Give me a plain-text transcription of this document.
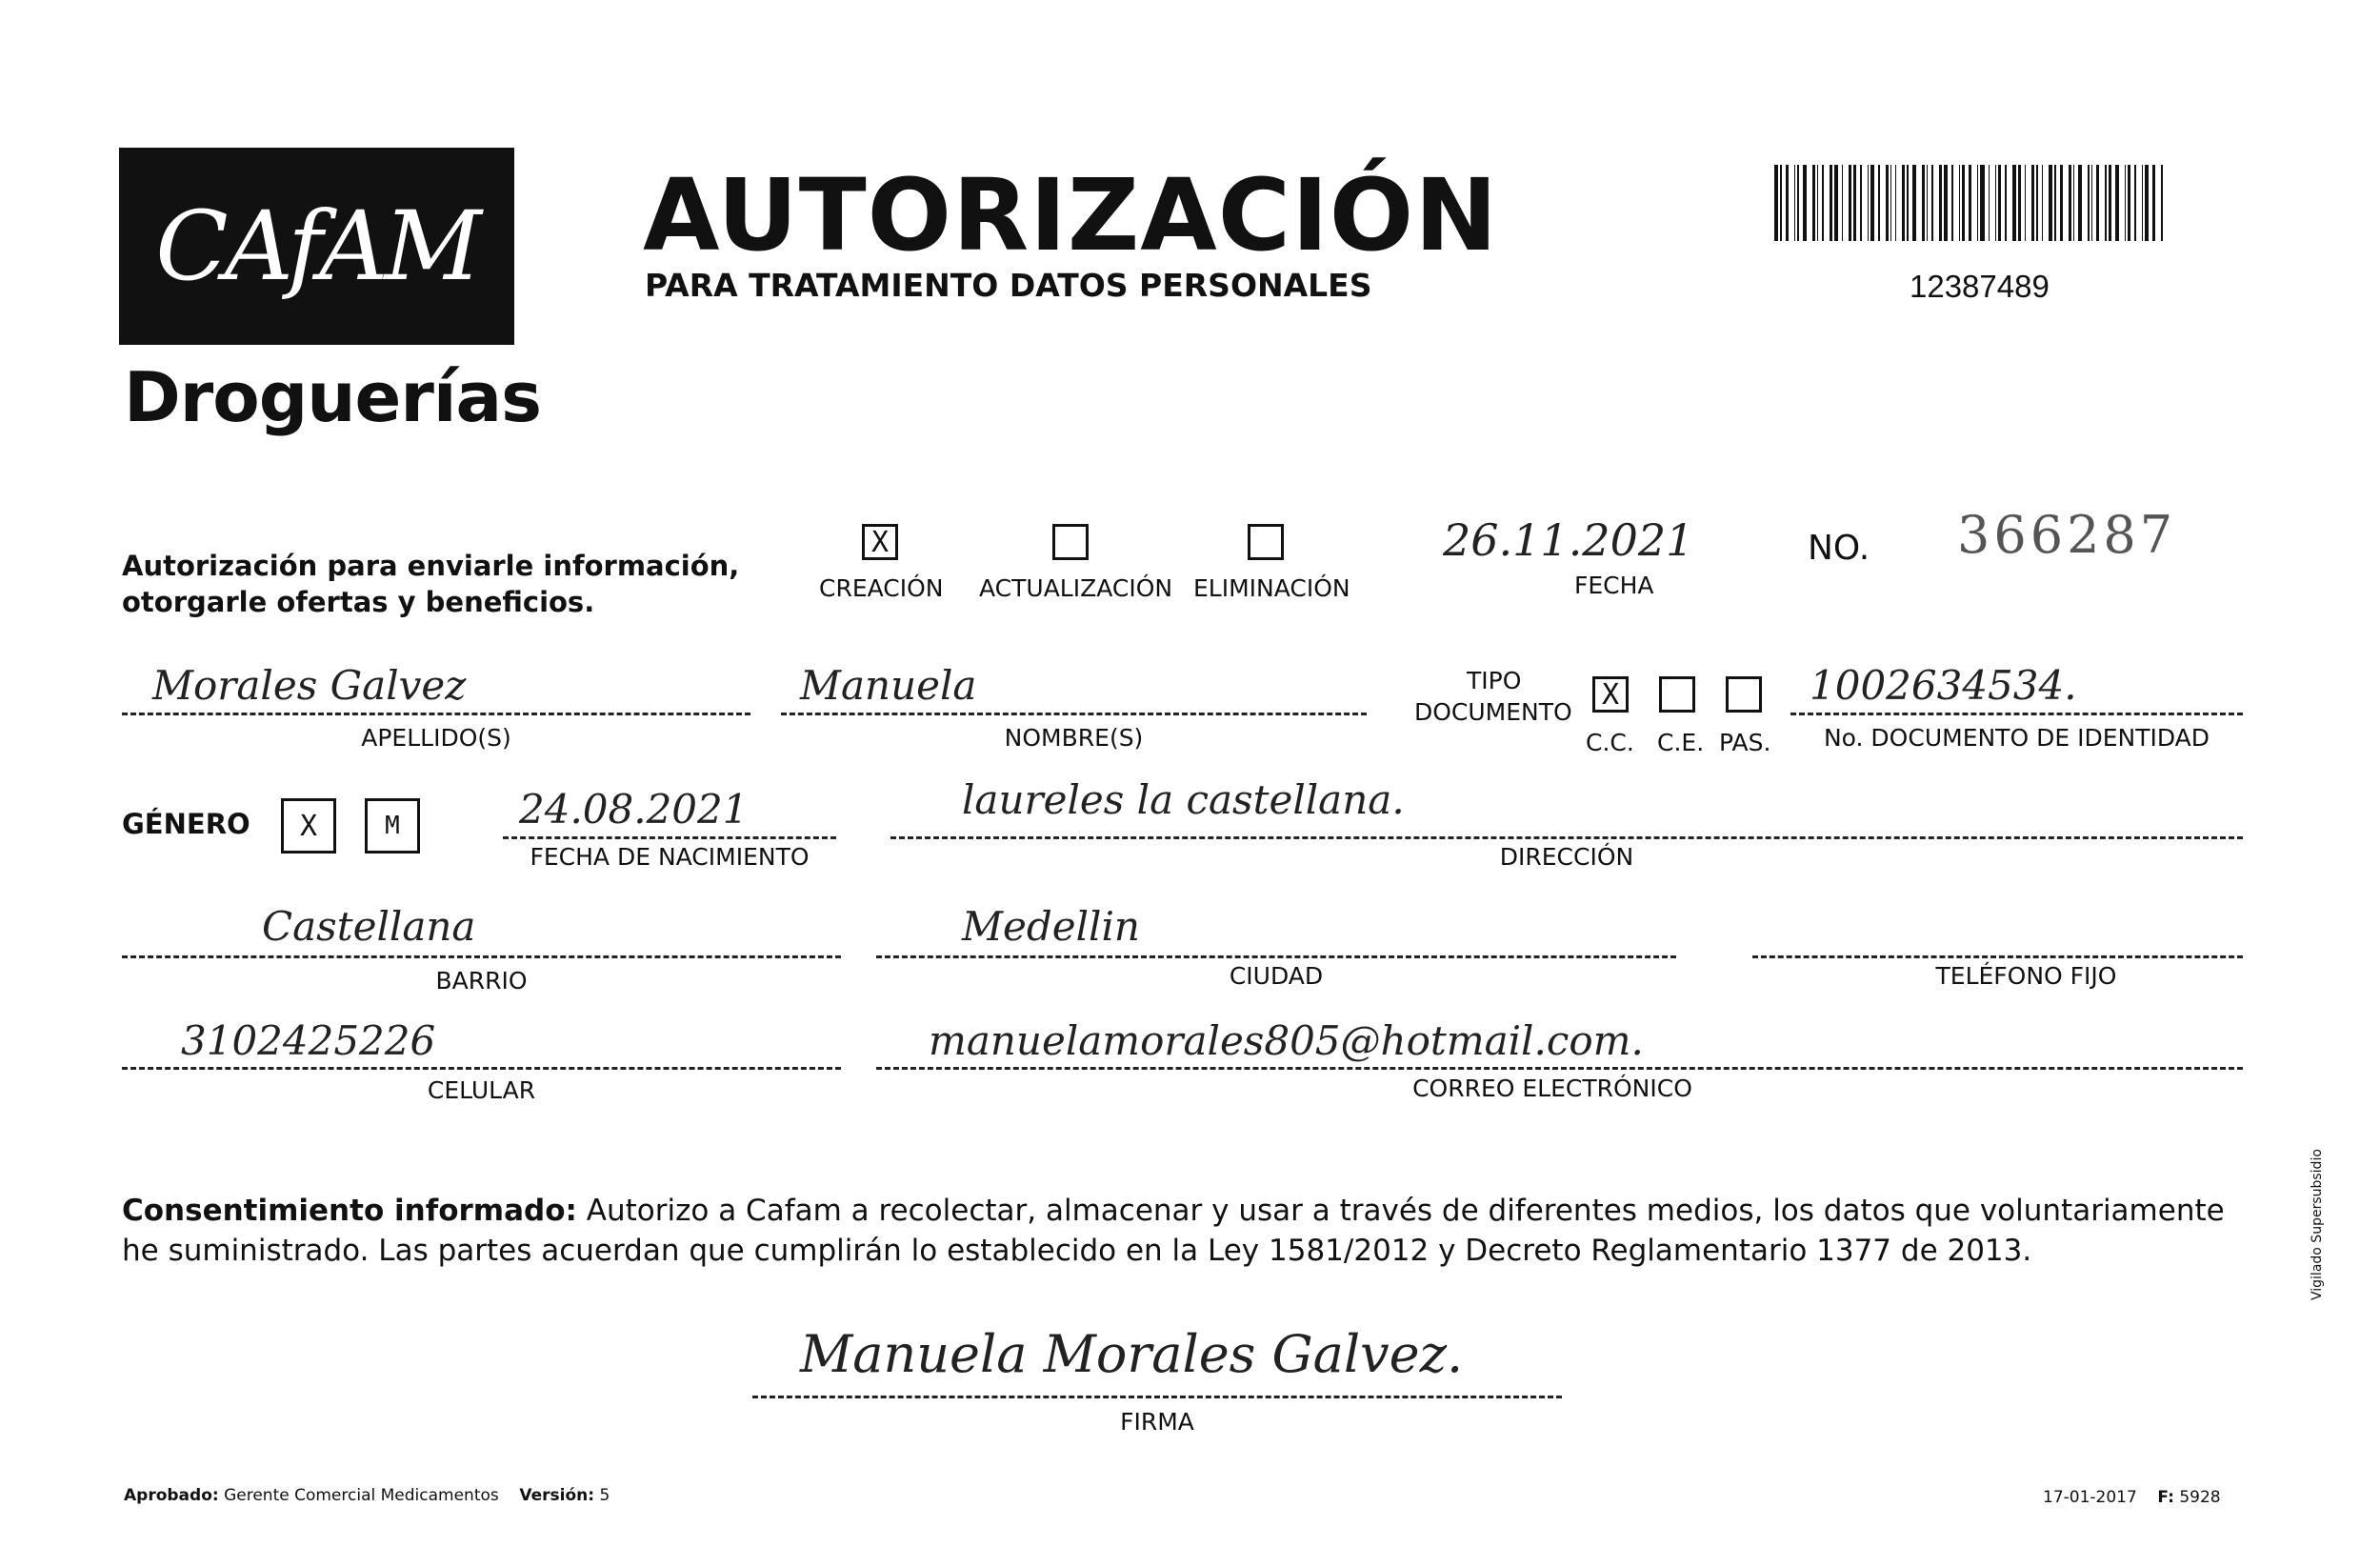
CAfAM
Droguerías
AUTORIZACIÓN
PARA TRATAMIENTO DATOS PERSONALES	12387489
Autorización para enviarle información,
otorgarle ofertas y beneficios.
X
CREACIÓN ACTUALIZACIÓN ELIMINACIÓN
26.11.2021
FECHA
NO. 366287
Morales Galvez
APELLIDO(S)
Manuela
NOMBRE(S)
TIPO
DOCUMENTO
X
C.C. C.E. PAS.
1002634534.
No. DOCUMENTO DE IDENTIDAD
GÉNERO	X	M	24.08.2021
FECHA DE NACIMIENTO
laureles la castellana.
DIRECCIÓN
Castellana
BARRIO
Medellin
CIUDAD	TELÉFONO FIJO
3102425226
CELULAR
manuelamorales805@hotmail.com.
CORREO ELECTRÓNICO
Consentimiento informado: Autorizo a Cafam a recolectar, almacenar y usar a través de diferentes medios, los datos que voluntariamente he suministrado. Las partes acuerdan que cumplirán lo establecido en la Ley 1581/2012 y Decreto Reglamentario 1377 de 2013.
Manuela Morales Galvez.
FIRMA
Aprobado: Gerente Comercial Medicamentos Versión: 5	17-01-2017 F: 5928
Vigilado Supersubsidio
